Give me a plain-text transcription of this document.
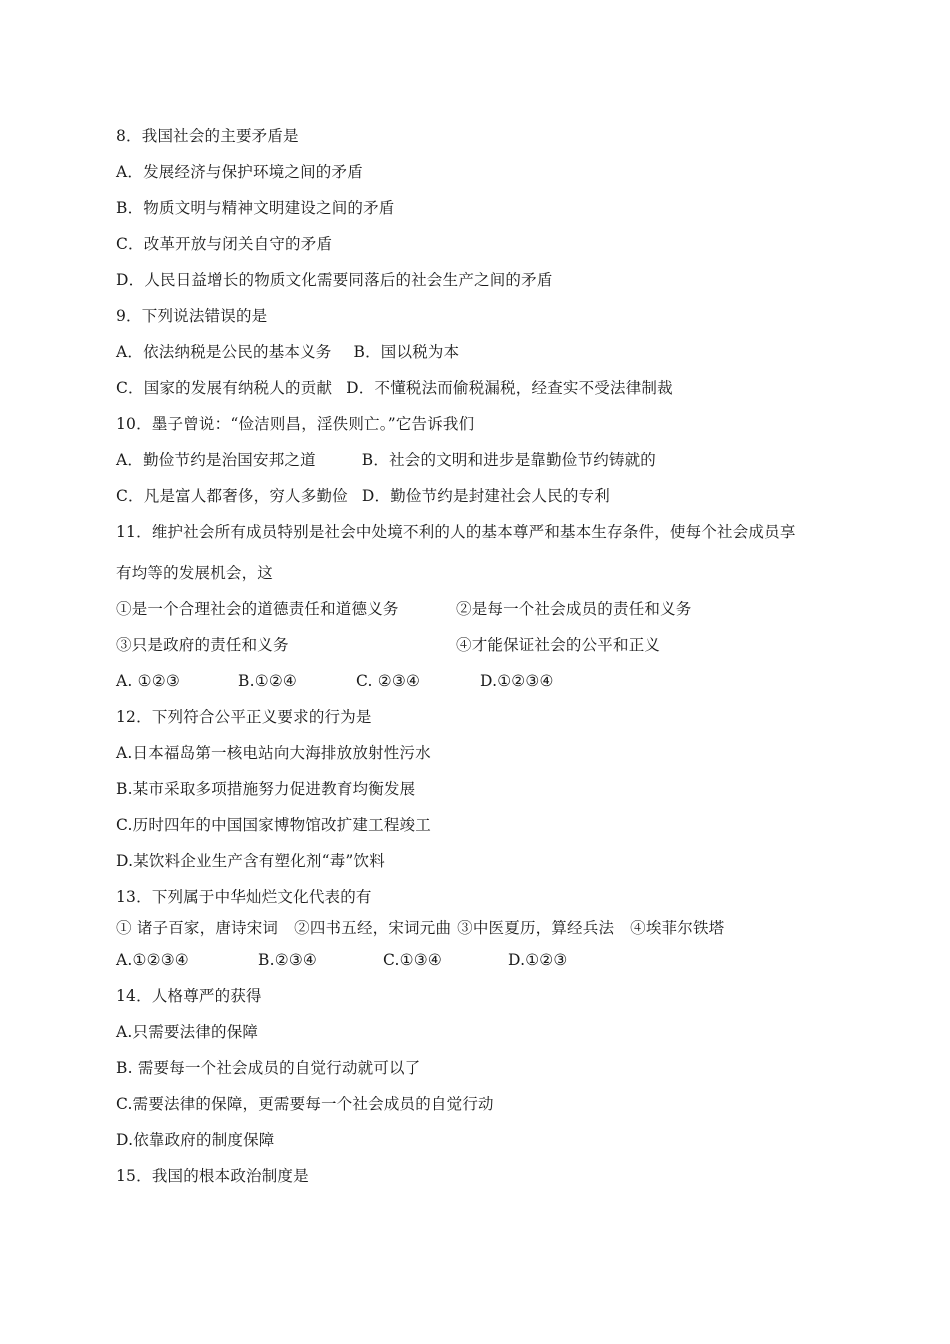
8．我国社会的主要矛盾是
A．发展经济与保护环境之间的矛盾
B．物质文明与精神文明建设之间的矛盾
C．改革开放与闭关自守的矛盾
D．人民日益增长的物质文化需要同落后的社会生产之间的矛盾
9．下列说法错误的是
A．依法纳税是公民的基本义务 B．国以税为本
C．国家的发展有纳税人的贡献 D．不懂税法而偷税漏税，经查实不受法律制裁
10．墨子曾说：“俭洁则昌，淫佚则亡。”它告诉我们
A．勤俭节约是治国安邦之道	B．社会的文明和进步是靠勤俭节约铸就的
C．凡是富人都奢侈，穷人多勤俭 D．勤俭节约是封建社会人民的专利
11．维护社会所有成员特别是社会中处境不利的人的基本尊严和基本生存条件，使每个社会成员享
有均等的发展机会，这
①是一个合理社会的道德责任和道德义务	②是每一个社会成员的责任和义务
③只是政府的责任和义务	④才能保证社会的公平和正义
A. ①②③	B.①②④	C. ②③④	D.①②③④
12．下列符合公平正义要求的行为是
A.日本福岛第一核电站向大海排放放射性污水
B.某市采取多项措施努力促进教育均衡发展
C.历时四年的中国国家博物馆改扩建工程竣工
D.某饮料企业生产含有塑化剂“毒”饮料
13．下列属于中华灿烂文化代表的有
① 诸子百家，唐诗宋词 ②四书五经，宋词元曲 ③中医夏历，算经兵法 ④埃菲尔铁塔
A.①②③④	B.②③④	C.①③④	D.①②③
14．人格尊严的获得
A.只需要法律的保障
B. 需要每一个社会成员的自觉行动就可以了
C.需要法律的保障，更需要每一个社会成员的自觉行动
D.依靠政府的制度保障
15．我国的根本政治制度是
